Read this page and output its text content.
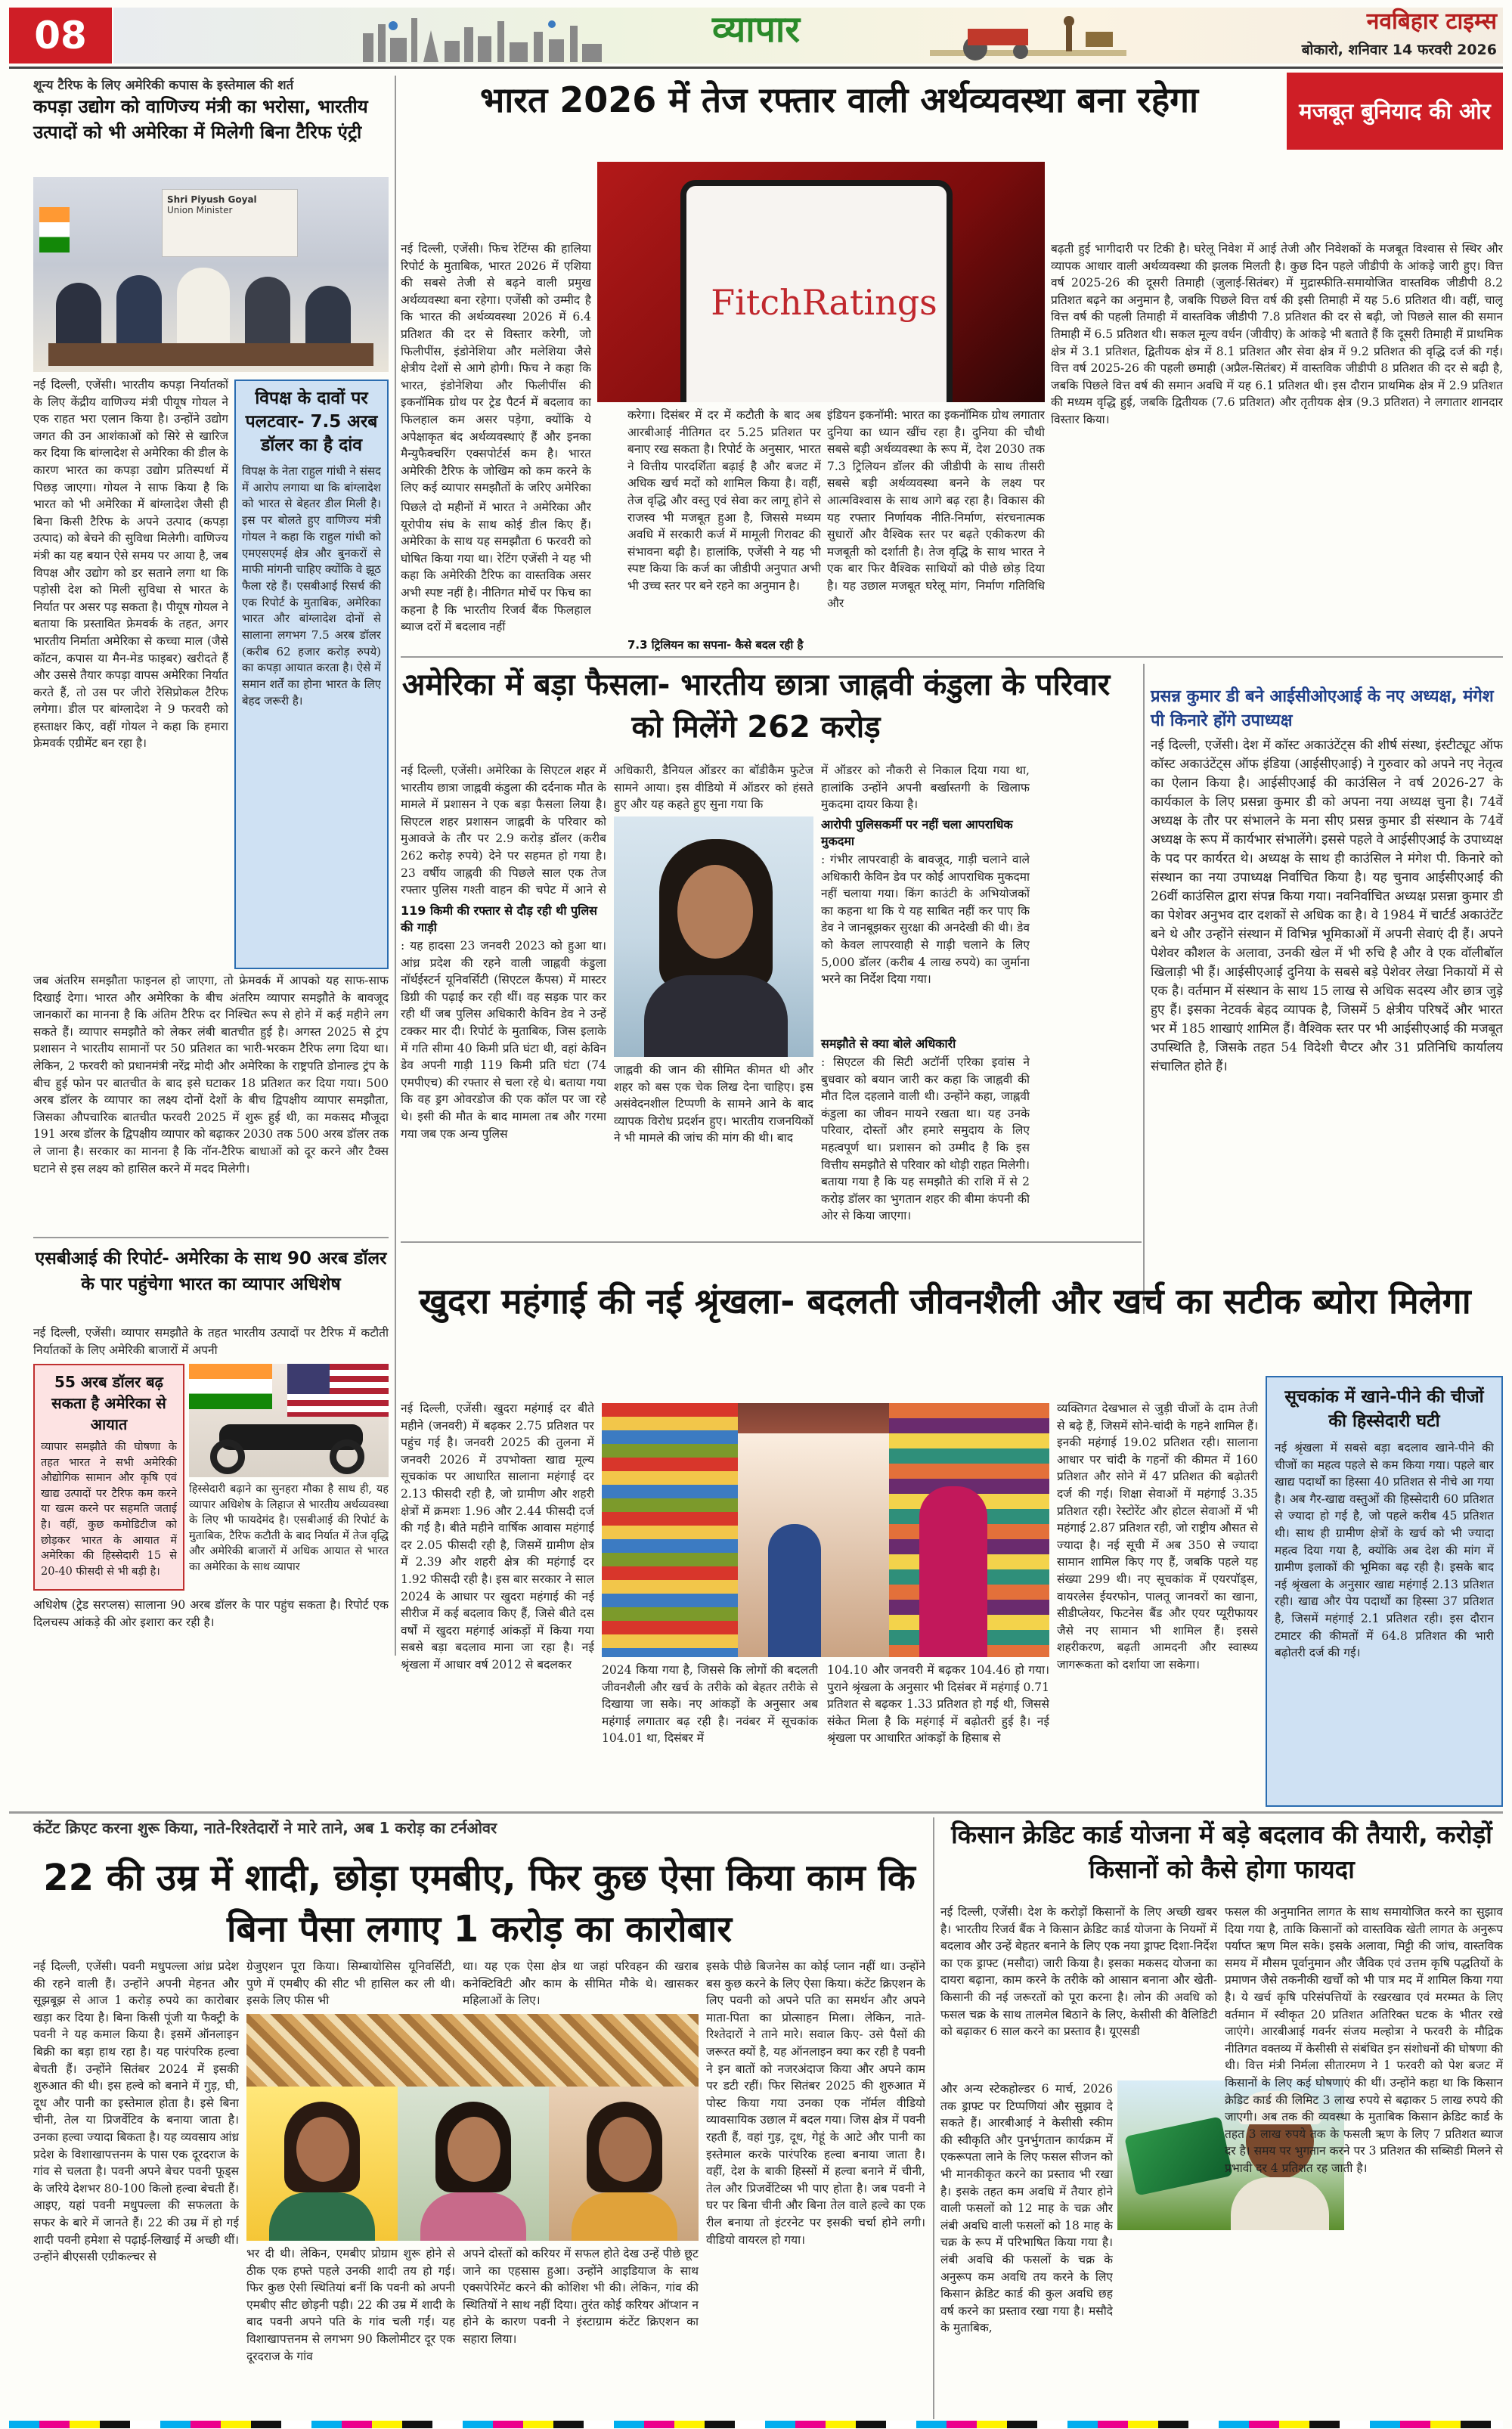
08	व्यापार	नवबिहार टाइम्स
बोकारो, शनिवार 14 फरवरी 2026
शून्य टैरिफ के लिए अमेरिकी कपास के इस्तेमाल की शर्त
कपड़ा उद्योग को वाणिज्य मंत्री का भरोसा, भारतीय उत्पादों को भी अमेरिका में मिलेगी बिना टैरिफ एंट्री
Shri Piyush Goyal
Union Minister
नई दिल्ली, एजेंसी। भारतीय कपड़ा निर्यातकों के लिए केंद्रीय वाणिज्य मंत्री पीयूष गोयल ने एक राहत भरा एलान किया है। उन्होंने उद्योग जगत की उन आशंकाओं को सिरे से खारिज कर दिया कि बांग्लादेश से अमेरिका की डील के कारण भारत का कपड़ा उद्योग प्रतिस्पर्धा में पिछड़ जाएगा। गोयल ने साफ किया है कि भारत को भी अमेरिका में बांग्लादेश जैसी ही बिना किसी टैरिफ के अपने उत्पाद (कपड़ा उत्पाद) को बेचने की सुविधा मिलेगी। वाणिज्य मंत्री का यह बयान ऐसे समय पर आया है, जब विपक्ष और उद्योग को डर सताने लगा था कि पड़ोसी देश को मिली सुविधा से भारत के निर्यात पर असर पड़ सकता है। पीयूष गोयल ने बताया कि प्रस्तावित फ्रेमवर्क के तहत, अगर भारतीय निर्माता अमेरिका से कच्चा माल (जैसे कॉटन, कपास या मैन-मेड फाइबर) खरीदते हैं और उससे तैयार कपड़ा वापस अमेरिका निर्यात करते हैं, तो उस पर जीरो रेसिप्रोकल टैरिफ लगेगा। डील पर बांग्लादेश ने 9 फरवरी को हस्ताक्षर किए, वहीं गोयल ने कहा कि हमारा फ्रेमवर्क एग्रीमेंट बन रहा है।
विपक्ष के दावों पर पलटवार- 7.5 अरब डॉलर का है दांव
विपक्ष के नेता राहुल गांधी ने संसद में आरोप लगाया था कि बांग्लादेश को भारत से बेहतर डील मिली है। इस पर बोलते हुए वाणिज्य मंत्री गोयल ने कहा कि राहुल गांधी को एमएसएमई क्षेत्र और बुनकरों से माफी मांगनी चाहिए क्योंकि वे झूठ फैला रहे हैं। एसबीआई रिसर्च की एक रिपोर्ट के मुताबिक, अमेरिका भारत और बांग्लादेश दोनों से सालाना लगभग 7.5 अरब डॉलर (करीब 62 हजार करोड़ रुपये) का कपड़ा आयात करता है। ऐसे में समान शर्तें का होना भारत के लिए बेहद जरूरी है।
जब अंतरिम समझौता फाइनल हो जाएगा, तो फ्रेमवर्क में आपको यह साफ-साफ दिखाई देगा। भारत और अमेरिका के बीच अंतरिम व्यापार समझौते के बावजूद जानकारों का मानना है कि अंतिम टैरिफ दर निश्चित रूप से होने में कई महीने लग सकते हैं। व्यापार समझौते को लेकर लंबी बातचीत हुई है। अगस्त 2025 से ट्रंप प्रशासन ने भारतीय सामानों पर 50 प्रतिशत का भारी-भरकम टैरिफ लगा दिया था। लेकिन, 2 फरवरी को प्रधानमंत्री नरेंद्र मोदी और अमेरिका के राष्ट्रपति डोनाल्ड ट्रंप के बीच हुई फोन पर बातचीत के बाद इसे घटाकर 18 प्रतिशत कर दिया गया। 500 अरब डॉलर के व्यापार का लक्ष्य दोनों देशों के बीच द्विपक्षीय व्यापार समझौता, जिसका औपचारिक बातचीत फरवरी 2025 में शुरू हुई थी, का मकसद मौजूदा 191 अरब डॉलर के द्विपक्षीय व्यापार को बढ़ाकर 2030 तक 500 अरब डॉलर तक ले जाना है। सरकार का मानना है कि नॉन-टैरिफ बाधाओं को दूर करने और टैक्स घटाने से इस लक्ष्य को हासिल करने में मदद मिलेगी।
एसबीआई की रिपोर्ट- अमेरिका के साथ 90 अरब डॉलर के पार पहुंचेगा भारत का व्यापार अधिशेष
नई दिल्ली, एजेंसी। व्यापार समझौते के तहत भारतीय उत्पादों पर टैरिफ में कटौती निर्यातकों के लिए अमेरिकी बाजारों में अपनी
55 अरब डॉलर बढ़ सकता है अमेरिका से आयात
व्यापार समझौते की घोषणा के तहत भारत ने सभी अमेरिकी औद्योगिक सामान और कृषि एवं खाद्य उत्पादों पर टैरिफ कम करने या खत्म करने पर सहमति जताई है। वहीं, कुछ कमोडिटीज को छोड़कर भारत के आयात में अमेरिका की हिस्सेदारी 15 से 20-40 फीसदी से भी बड़ी है।
हिस्सेदारी बढ़ाने का सुनहरा मौका है साथ ही, यह व्यापार अधिशेष के लिहाज से भारतीय अर्थव्यवस्था के लिए भी फायदेमंद है। एसबीआई की रिपोर्ट के मुताबिक, टैरिफ कटौती के बाद निर्यात में तेज वृद्धि और अमेरिकी बाजारों में अधिक आयात से भारत का अमेरिका के साथ व्यापार
अधिशेष (ट्रेड सरप्लस) सालाना 90 अरब डॉलर के पार पहुंच सकता है। रिपोर्ट एक दिलचस्प आंकड़े की ओर इशारा कर रही है।
भारत 2026 में तेज रफ्तार वाली अर्थव्यवस्था बना रहेगा	मजबूत बुनियाद की ओर
नई दिल्ली, एजेंसी। फिच रेटिंग्स की हालिया रिपोर्ट के मुताबिक, भारत 2026 में एशिया की सबसे तेजी से बढ़ने वाली प्रमुख अर्थव्यवस्था बना रहेगा। एजेंसी को उम्मीद है कि भारत की अर्थव्यवस्था 2026 में 6.4 प्रतिशत की दर से विस्तार करेगी, जो फिलीपींस, इंडोनेशिया और मलेशिया जैसे क्षेत्रीय देशों से आगे होगी। फिच ने कहा कि भारत, इंडोनेशिया और फिलीपींस की इकनॉमिक ग्रोथ पर ट्रेड पैटर्न में बदलाव का फिलहाल कम असर पड़ेगा, क्योंकि ये अपेक्षाकृत बंद अर्थव्यवस्थाएं हैं और इनका मैन्युफैक्चरिंग एक्सपोर्टर्स कम है। भारत अमेरिकी टैरिफ के जोखिम को कम करने के लिए कई व्यापार समझौतों के जरिए अमेरिका
FitchRatings
करेगा। दिसंबर में दर में कटौती के बाद अब आरबीआई नीतिगत दर 5.25 प्रतिशत पर बनाए रख सकता है। रिपोर्ट के अनुसार, भारत ने वित्तीय पारदर्शिता बढ़ाई है और बजट में अधिक खर्च मदों को शामिल किया है। वहीं, तेज वृद्धि और वस्तु एवं सेवा कर लागू होने से राजस्व भी मजबूत हुआ है, जिससे मध्यम अवधि में सरकारी कर्ज में मामूली गिरावट की संभावना बढ़ी है। हालांकि, एजेंसी ने यह भी स्पष्ट किया कि कर्ज का जीडीपी अनुपात अभी भी उच्च स्तर पर बने रहने का अनुमान है।
7.3 ट्रिलियन का सपना- कैसे बदल रही है
इंडियन इकनॉमी: भारत का इकनॉमिक ग्रोथ लगातार दुनिया का ध्यान खींच रहा है। दुनिया की चौथी सबसे बड़ी अर्थव्यवस्था के रूप में, देश 2030 तक 7.3 ट्रिलियन डॉलर की जीडीपी के साथ तीसरी सबसे बड़ी अर्थव्यवस्था बनने के लक्ष्य पर आत्मविश्वास के साथ आगे बढ़ रहा है। विकास की यह रफ्तार निर्णायक नीति-निर्माण, संरचनात्मक सुधारों और वैश्विक स्तर पर बढ़ते एकीकरण की मजबूती को दर्शाती है। तेज वृद्धि के साथ भारत ने एक बार फिर वैश्विक साथियों को पीछे छोड़ दिया है। यह उछाल मजबूत घरेलू मांग, निर्माण गतिविधि और
बढ़ती हुई भागीदारी पर टिकी है। घरेलू निवेश में आई तेजी और निवेशकों के मजबूत विश्वास से स्थिर और व्यापक आधार वाली अर्थव्यवस्था की झलक मिलती है। कुछ दिन पहले जीडीपी के आंकड़े जारी हुए। वित्त वर्ष 2025-26 की दूसरी तिमाही (जुलाई-सितंबर) में मुद्रास्फीति-समायोजित वास्तविक जीडीपी 8.2 प्रतिशत बढ़ने का अनुमान है, जबकि पिछले वित्त वर्ष की इसी तिमाही में यह 5.6 प्रतिशत थी। वहीं, चालू वित्त वर्ष की पहली तिमाही में वास्तविक जीडीपी 7.8 प्रतिशत की दर से बढ़ी, जो पिछले साल की समान तिमाही में 6.5 प्रतिशत थी। सकल मूल्य वर्धन (जीवीए) के आंकड़े भी बताते हैं कि दूसरी तिमाही में प्राथमिक क्षेत्र में 3.1 प्रतिशत, द्वितीयक क्षेत्र में 8.1 प्रतिशत और सेवा क्षेत्र में 9.2 प्रतिशत की वृद्धि दर्ज की गई। वित्त वर्ष 2025-26 की पहली छमाही (अप्रैल-सितंबर) में वास्तविक जीडीपी 8 प्रतिशत की दर से बढ़ी है, जबकि पिछले वित्त वर्ष की समान अवधि में यह 6.1 प्रतिशत थी। इस दौरान प्राथमिक क्षेत्र में 2.9 प्रतिशत की मध्यम वृद्धि हुई, जबकि द्वितीयक (7.6 प्रतिशत) और तृतीयक क्षेत्र (9.3 प्रतिशत) ने लगातार शानदार विस्तार किया।
अमेरिका में बड़ा फैसला- भारतीय छात्रा जाह्नवी कंडुला के परिवार को मिलेंगे 262 करोड़
नई दिल्ली, एजेंसी। अमेरिका के सिएटल शहर में भारतीय छात्रा जाह्नवी कंडुला की दर्दनाक मौत के मामले में प्रशासन ने एक बड़ा फैसला लिया है। सिएटल शहर प्रशासन जाह्नवी के परिवार को मुआवजे के तौर पर 2.9 करोड़ डॉलर (करीब 262 करोड़ रुपये) देने पर सहमत हो गया है। 23 वर्षीय जाह्नवी की पिछले साल एक तेज रफ्तार पुलिस गश्ती वाहन की चपेट में आने से
119 किमी की रफ्तार से दौड़ रही थी पुलिस की गाड़ी
: यह हादसा 23 जनवरी 2023 को हुआ था। आंध्र प्रदेश की रहने वाली जाह्नवी कंडुला नॉर्थईस्टर्न यूनिवर्सिटी (सिएटल कैंपस) में मास्टर डिग्री की पढ़ाई कर रही थीं। वह सड़क पार कर रही थीं जब पुलिस अधिकारी केविन डेव ने उन्हें टक्कर मार दी। रिपोर्ट के मुताबिक, जिस इलाके में गति सीमा 40 किमी प्रति घंटा थी, वहां केविन डेव अपनी गाड़ी 119 किमी प्रति घंटा (74 एमपीएच) की रफ्तार से चला रहे थे। बताया गया कि वह ड्रग ओवरडोज की एक कॉल पर जा रहे थे। इसी की मौत के बाद मामला तब और गरमा गया जब एक अन्य पुलिस
अधिकारी, डैनियल ऑडरर का बॉडीकैम फुटेज सामने आया। इस वीडियो में ऑडरर को हंसते हुए और यह कहते हुए सुना गया कि
जाह्नवी की जान की सीमित कीमत थी और शहर को बस एक चेक लिख देना चाहिए। इस असंवेदनशील टिप्पणी के सामने आने के बाद व्यापक विरोध प्रदर्शन हुए। भारतीय राजनयिकों ने भी मामले की जांच की मांग की थी। बाद
में ऑडरर को नौकरी से निकाल दिया गया था, हालांकि उन्होंने अपनी बर्खास्तगी के खिलाफ मुकदमा दायर किया है।
आरोपी पुलिसकर्मी पर नहीं चला आपराधिक मुकदमा
: गंभीर लापरवाही के बावजूद, गाड़ी चलाने वाले अधिकारी केविन डेव पर कोई आपराधिक मुकदमा नहीं चलाया गया। किंग काउंटी के अभियोजकों का कहना था कि ये यह साबित नहीं कर पाए कि डेव ने जानबूझकर सुरक्षा की अनदेखी की थी। डेव को केवल लापरवाही से गाड़ी चलाने के लिए 5,000 डॉलर (करीब 4 लाख रुपये) का जुर्माना भरने का निर्देश दिया गया।
समझौते से क्या बोले अधिकारी
: सिएटल की सिटी अटॉर्नी एरिका इवांस ने बुधवार को बयान जारी कर कहा कि जाह्नवी की मौत दिल दहलाने वाली थी। उन्होंने कहा, जाह्नवी कंडुला का जीवन मायने रखता था। यह उनके परिवार, दोस्तों और हमारे समुदाय के लिए महत्वपूर्ण था। प्रशासन को उम्मीद है कि इस वित्तीय समझौते से परिवार को थोड़ी राहत मिलेगी। बताया गया है कि यह समझौते की राशि में से 2 करोड़ डॉलर का भुगतान शहर की बीमा कंपनी की ओर से किया जाएगा।
प्रसन्न कुमार डी बने आईसीओएआई के नए अध्यक्ष, मंगेश पी किनारे होंगे उपाध्यक्ष
नई दिल्ली, एजेंसी। देश में कॉस्ट अकाउंटेंट्स की शीर्ष संस्था, इंस्टीट्यूट ऑफ कॉस्ट अकाउंटेंट्स ऑफ इंडिया (आईसीएआई) ने गुरुवार को अपने नए नेतृत्व का ऐलान किया है। आईसीएआई की काउंसिल ने वर्ष 2026-27 के कार्यकाल के लिए प्रसन्ना कुमार डी को अपना नया अध्यक्ष चुना है। 74वें अध्यक्ष के तौर पर संभालने के मना सीए प्रसन्न कुमार डी संस्थान के 74वें अध्यक्ष के रूप में कार्यभार संभालेंगे। इससे पहले वे आईसीएआई के उपाध्यक्ष के पद पर कार्यरत थे। अध्यक्ष के साथ ही काउंसिल ने मंगेश पी. किनारे को संस्थान का नया उपाध्यक्ष निर्वाचित किया है। यह चुनाव आईसीएआई की 26वीं काउंसिल द्वारा संपन्न किया गया। नवनिर्वाचित अध्यक्ष प्रसन्ना कुमार डी का पेशेवर अनुभव दार दशकों से अधिक का है। वे 1984 में चार्टर्ड अकाउंटेंट बने थे और उन्होंने संस्थान में विभिन्न भूमिकाओं में अपनी सेवाएं दी हैं। अपने पेशेवर कौशल के अलावा, उनकी खेल में भी रुचि है और वे एक वॉलीबॉल खिलाड़ी भी हैं। आईसीएआई दुनिया के सबसे बड़े पेशेवर लेखा निकायों में से एक है। वर्तमान में संस्थान के साथ 15 लाख से अधिक सदस्य और छात्र जुड़े हुए हैं। इसका नेटवर्क बेहद व्यापक है, जिसमें 5 क्षेत्रीय परिषदें और भारत भर में 185 शाखाएं शामिल हैं। वैश्विक स्तर पर भी आईसीएआई की मजबूत उपस्थिति है, जिसके तहत 54 विदेशी चैप्टर और 31 प्रतिनिधि कार्यालय संचालित होते हैं।
खुदरा महंगाई की नई श्रृंखला- बदलती जीवनशैली और खर्च का सटीक ब्योरा मिलेगा
नई दिल्ली, एजेंसी। खुदरा महंगाई दर बीते महीने (जनवरी) में बढ़कर 2.75 प्रतिशत पर पहुंच गई है। जनवरी 2025 की तुलना में जनवरी 2026 में उपभोक्ता खाद्य मूल्य सूचकांक पर आधारित सालाना महंगाई दर 2.13 फीसदी रही है, जो ग्रामीण और शहरी क्षेत्रों में क्रमशः 1.96 और 2.44 फीसदी दर्ज की गई है। बीते महीने वार्षिक आवास महंगाई दर 2.05 फीसदी रही है, जिसमें ग्रामीण क्षेत्र में 2.39 और शहरी क्षेत्र की महंगाई दर 1.92 फीसदी रही है। इस बार सरकार ने साल 2024 के आधार पर खुदरा महंगाई की नई सीरीज में कई बदलाव किए हैं, जिसे बीते दस वर्षों में खुदरा महंगाई आंकड़ों में किया गया सबसे बड़ा बदलाव माना जा रहा है। नई श्रृंखला में आधार वर्ष 2012 से बदलकर	2024 किया गया है, जिससे कि लोगों की बदलती जीवनशैली और खर्च के तरीके को बेहतर तरीके से दिखाया जा सके। नए आंकड़ों के अनुसार अब महंगाई लगातार बढ़ रही है। नवंबर में सूचकांक 104.01 था, दिसंबर में
104.10 और जनवरी में बढ़कर 104.46 हो गया। पुराने श्रृंखला के अनुसार भी दिसंबर में महंगाई 0.71 प्रतिशत से बढ़कर 1.33 प्रतिशत हो गई थी, जिससे संकेत मिला है कि महंगाई में बढ़ोतरी हुई है। नई श्रृंखला पर आधारित आंकड़ों के हिसाब से
व्यक्तिगत देखभाल से जुड़ी चीजों के दाम तेजी से बढ़े हैं, जिसमें सोने-चांदी के गहने शामिल हैं। इनकी महंगाई 19.02 प्रतिशत रही। सालाना आधार पर चांदी के गहनों की कीमत में 160 प्रतिशत और सोने में 47 प्रतिशत की बढ़ोतरी दर्ज की गई। शिक्षा सेवाओं में महंगाई 3.35 प्रतिशत रही। रेस्टोरेंट और होटल सेवाओं में भी महंगाई 2.87 प्रतिशत रही, जो राष्ट्रीय औसत से ज्यादा है। नई सूची में अब 350 से ज्यादा सामान शामिल किए गए हैं, जबकि पहले यह संख्या 299 थी। नए सूचकांक में एयरपॉड्स, वायरलेस ईयरफोन, पालतू जानवरों का खाना, सीडीप्लेयर, फिटनेस बैंड और एयर प्यूरीफायर जैसे नए सामान भी शामिल हैं। इससे शहरीकरण, बढ़ती आमदनी और स्वास्थ्य जागरूकता को दर्शाया जा सकेगा।
सूचकांक में खाने-पीने की चीजों की हिस्सेदारी घटी
नई श्रृंखला में सबसे बड़ा बदलाव खाने-पीने की चीजों का महत्व पहले से कम किया गया। पहले बार खाद्य पदार्थों का हिस्सा 40 प्रतिशत से नीचे आ गया है। अब गैर-खाद्य वस्तुओं की हिस्सेदारी 60 प्रतिशत से ज्यादा हो गई है, जो पहले करीब 45 प्रतिशत थी। साथ ही ग्रामीण क्षेत्रों के खर्च को भी ज्यादा महत्व दिया गया है, क्योंकि अब देश की मांग में ग्रामीण इलाकों की भूमिका बढ़ रही है। इसके बाद नई श्रृंखला के अनुसार खाद्य महंगाई 2.13 प्रतिशत रही। खाद्य और पेय पदार्थों का हिस्सा 37 प्रतिशत है, जिसमें महंगाई 2.1 प्रतिशत रही। इस दौरान टमाटर की कीमतों में 64.8 प्रतिशत की भारी बढ़ोतरी दर्ज की गई।
कंटेंट क्रिएट करना शुरू किया, नाते-रिश्तेदारों ने मारे ताने, अब 1 करोड़ का टर्नओवर
22 की उम्र में शादी, छोड़ा एमबीए, फिर कुछ ऐसा किया काम कि बिना पैसा लगाए 1 करोड़ का कारोबार
नई दिल्ली, एजेंसी। पवनी मधुपल्ला आंध्र प्रदेश की रहने वाली हैं। उन्होंने अपनी मेहनत और सूझबूझ से आज 1 करोड़ रुपये का कारोबार खड़ा कर दिया है। बिना किसी पूंजी या फैक्ट्री के पवनी ने यह कमाल किया है। इसमें ऑनलाइन बिक्री का बड़ा हाथ रहा है। यह पारंपरिक हल्वा बेचती हैं। उन्होंने सितंबर 2024 में इसकी शुरुआत की थी। इस हल्वे को बनाने में गुड़, घी, दूध और पानी का इस्तेमाल होता है। इसे बिना चीनी, तेल या प्रिजर्वेटिव के बनाया जाता है। उनका हल्वा ज्यादा बिकता है। यह व्यवसाय आंध्र प्रदेश के विशाखापत्तनम के पास एक दूरदराज के गांव से चलता है। पवनी अपने बेचर पवनी फूड्स के जरिये देशभर 80-100 किलो हल्वा बेचती हैं। आइए, यहां पवनी मधुपल्ला की सफलता के सफर के बारे में जानते हैं। 22 की उम्र में हो गई शादी पवनी हमेशा से पढ़ाई-लिखाई में अच्छी थीं। उन्होंने बीएससी एग्रीकल्चर से
ग्रेजुएशन पूरा किया। सिम्बायोसिस यूनिवर्सिटी, पुणे में एमबीए की सीट भी हासिल कर ली थी। इसके लिए फीस भी
भर दी थी। लेकिन, एमबीए प्रोग्राम शुरू होने से ठीक एक हफ्ते पहले उनकी शादी तय हो गई। फिर कुछ ऐसी स्थितियां बनीं कि पवनी को अपनी एमबीए सीट छोड़नी पड़ी। 22 की उम्र में शादी के बाद पवनी अपने पति के गांव चली गईं। यह विशाखापत्तनम से लगभग 90 किलोमीटर दूर एक दूरदराज के गांव
था। यह एक ऐसा क्षेत्र था जहां परिवहन की खराब कनेक्टिविटी और काम के सीमित मौके थे। खासकर महिलाओं के लिए।
अपने दोस्तों को करियर में सफल होते देख उन्हें पीछे छूट जाने का एहसास हुआ। उन्होंने आइडियाज के साथ एक्सपेरिमेंट करने की कोशिश भी की। लेकिन, गांव की स्थितियों ने साथ नहीं दिया। तुरंत कोई करियर ऑप्शन न होने के कारण पवनी ने इंस्टाग्राम कंटेंट क्रिएशन का सहारा लिया।
इसके पीछे बिजनेस का कोई प्लान नहीं था। उन्होंने बस कुछ करने के लिए ऐसा किया। कंटेंट क्रिएशन के लिए पवनी को अपने पति का समर्थन और अपने माता-पिता का प्रोत्साहन मिला। लेकिन, नाते-रिश्तेदारों ने ताने मारे। सवाल किए- उसे पैसों की जरूरत क्यों है, यह ऑनलाइन क्या कर रही है पवनी ने इन बातों को नजरअंदाज किया और अपने काम पर डटी रहीं। फिर सितंबर 2025 की शुरुआत में पोस्ट किया गया उनका एक नॉर्मल वीडियो व्यावसायिक उछाल में बदल गया। जिस क्षेत्र में पवनी रहती हैं, वहां गुड़, दूध, गेहूं के आटे और पानी का इस्तेमाल करके पारंपरिक हल्वा बनाया जाता है। वहीं, देश के बाकी हिस्सों में हल्वा बनाने में चीनी, तेल और प्रिजर्वेटिव्स भी पाए होता है। जब पवनी ने घर पर बिना चीनी और बिना तेल वाले हल्वे का एक रील बनाया तो इंटरनेट पर इसकी चर्चा होने लगी। वीडियो वायरल हो गया।
किसान क्रेडिट कार्ड योजना में बड़े बदलाव की तैयारी, करोड़ों किसानों को कैसे होगा फायदा
नई दिल्ली, एजेंसी। देश के करोड़ों किसानों के लिए अच्छी खबर है। भारतीय रिजर्व बैंक ने किसान क्रेडिट कार्ड योजना के नियमों में बदलाव और उन्हें बेहतर बनाने के लिए एक नया ड्राफ्ट दिशा-निर्देश का एक ड्राफ्ट (मसौदा) जारी किया है। इसका मकसद योजना का दायरा बढ़ाना, काम करने के तरीके को आसान बनाना और खेती-किसानी की नई जरूरतों को पूरा करना है। लोन की अवधि को फसल चक्र के साथ तालमेल बिठाने के लिए, केसीसी की वैलिडिटी को बढ़ाकर 6 साल करने का प्रस्ताव है। यूएसडी
और अन्य स्टेकहोल्डर 6 मार्च, 2026 तक ड्राफ्ट पर टिप्पणियां और सुझाव दे सकते हैं। आरबीआई ने केसीसी स्कीम की स्वीकृति और पुनर्भुगतान कार्यक्रम में एकरूपता लाने के लिए फसल सीजन को भी मानकीकृत करने का प्रस्ताव भी रखा है। इसके तहत कम अवधि में तैयार होने वाली फसलों को 12 माह के चक्र और लंबी अवधि वाली फसलों को 18 माह के चक्र के रूप में परिभाषित किया गया है। लंबी अवधि की फसलों के चक्र के अनुरूप कम अवधि तय करने के लिए किसान क्रेडिट कार्ड की कुल अवधि छह वर्ष करने का प्रस्ताव रखा गया है। मसौदे के मुताबिक,
फसल की अनुमानित लागत के साथ समायोजित करने का सुझाव दिया गया है, ताकि किसानों को वास्तविक खेती लागत के अनुरूप पर्याप्त ऋण मिल सके। इसके अलावा, मिट्टी की जांच, वास्तविक समय में मौसम पूर्वानुमान और जैविक एवं उत्तम कृषि पद्धतियों के प्रमाणन जैसे तकनीकी खर्चों को भी पात्र मद में शामिल किया गया है। ये खर्च कृषि परिसंपत्तियों के रखरखाव एवं मरम्मत के लिए वर्तमान में स्वीकृत 20 प्रतिशत अतिरिक्त घटक के भीतर रखे जाएंगे। आरबीआई गवर्नर संजय मल्होत्रा ने फरवरी के मौद्रिक नीतिगत वक्तव्य में केसीसी से संबंधित इन संशोधनों की घोषणा की थी। वित्त मंत्री निर्मला सीतारमण ने 1 फरवरी को पेश बजट में किसानों के लिए कई घोषणाएं की थीं। उन्होंने कहा था कि किसान क्रेडिट कार्ड की लिमिट 3 लाख रुपये से बढ़ाकर 5 लाख रुपये की जाएगी। अब तक की व्यवस्था के मुताबिक किसान क्रेडिट कार्ड के तहत 3 लाख रुपये तक के फसली ऋण के लिए 7 प्रतिशत ब्याज दर है। समय पर भुगतान करने पर 3 प्रतिशत की सब्सिडी मिलने से प्रभावी दर 4 प्रतिशत रह जाती है।
पिछले दो महीनों में भारत ने अमेरिका और यूरोपीय संघ के साथ कोई डील किए हैं। अमेरिका के साथ यह समझौता 6 फरवरी को घोषित किया गया था। रेटिंग एजेंसी ने यह भी कहा कि अमेरिकी टैरिफ का वास्तविक असर अभी स्पष्ट नहीं है। नीतिगत मोर्चे पर फिच का कहना है कि भारतीय रिजर्व बैंक फिलहाल ब्याज दरों में बदलाव नहीं
